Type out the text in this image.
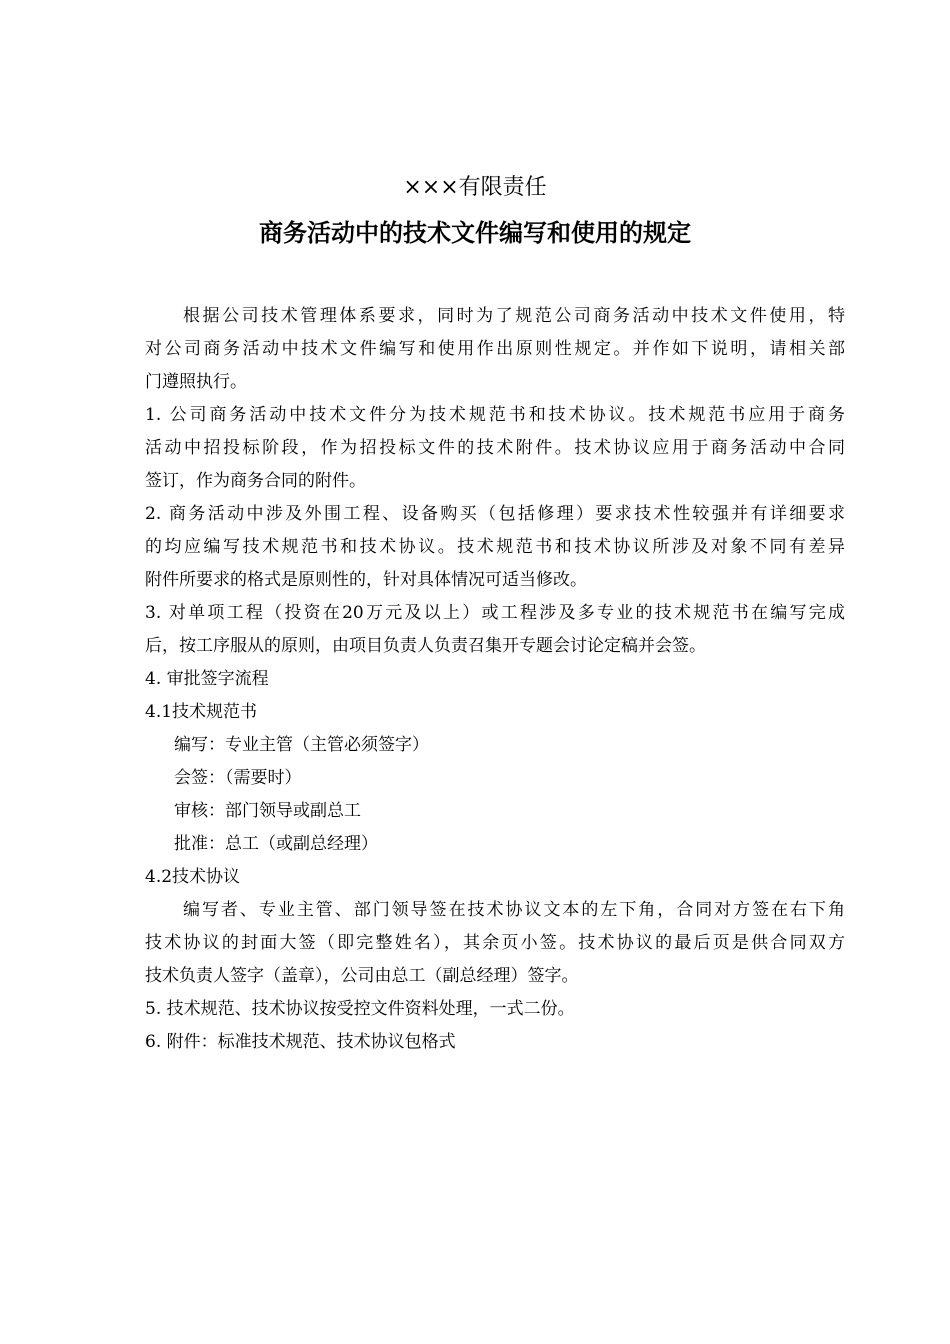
×××有限责任
商务活动中的技术文件编写和使用的规定
根据公司技术管理体系要求，同时为了规范公司商务活动中技术文件使用，特
对公司商务活动中技术文件编写和使用作出原则性规定。并作如下说明，请相关部
门遵照执行。
1. 公司商务活动中技术文件分为技术规范书和技术协议。技术规范书应用于商务
活动中招投标阶段，作为招投标文件的技术附件。技术协议应用于商务活动中合同
签订，作为商务合同的附件。
2. 商务活动中涉及外围工程、设备购买（包括修理）要求技术性较强并有详细要求
的均应编写技术规范书和技术协议。技术规范书和技术协议所涉及对象不同有差异
附件所要求的格式是原则性的，针对具体情况可适当修改。
3. 对单项工程（投资在20万元及以上）或工程涉及多专业的技术规范书在编写完成
后，按工序服从的原则，由项目负责人负责召集开专题会讨论定稿并会签。
4. 审批签字流程
4.1技术规范书
编写：专业主管（主管必须签字）
会签：（需要时）
审核：部门领导或副总工
批准：总工（或副总经理）
4.2技术协议
编写者、专业主管、部门领导签在技术协议文本的左下角，合同对方签在右下角
技术协议的封面大签（即完整姓名），其余页小签。技术协议的最后页是供合同双方
技术负责人签字（盖章），公司由总工（副总经理）签字。
5. 技术规范、技术协议按受控文件资料处理，一式二份。
6. 附件：标准技术规范、技术协议包格式
